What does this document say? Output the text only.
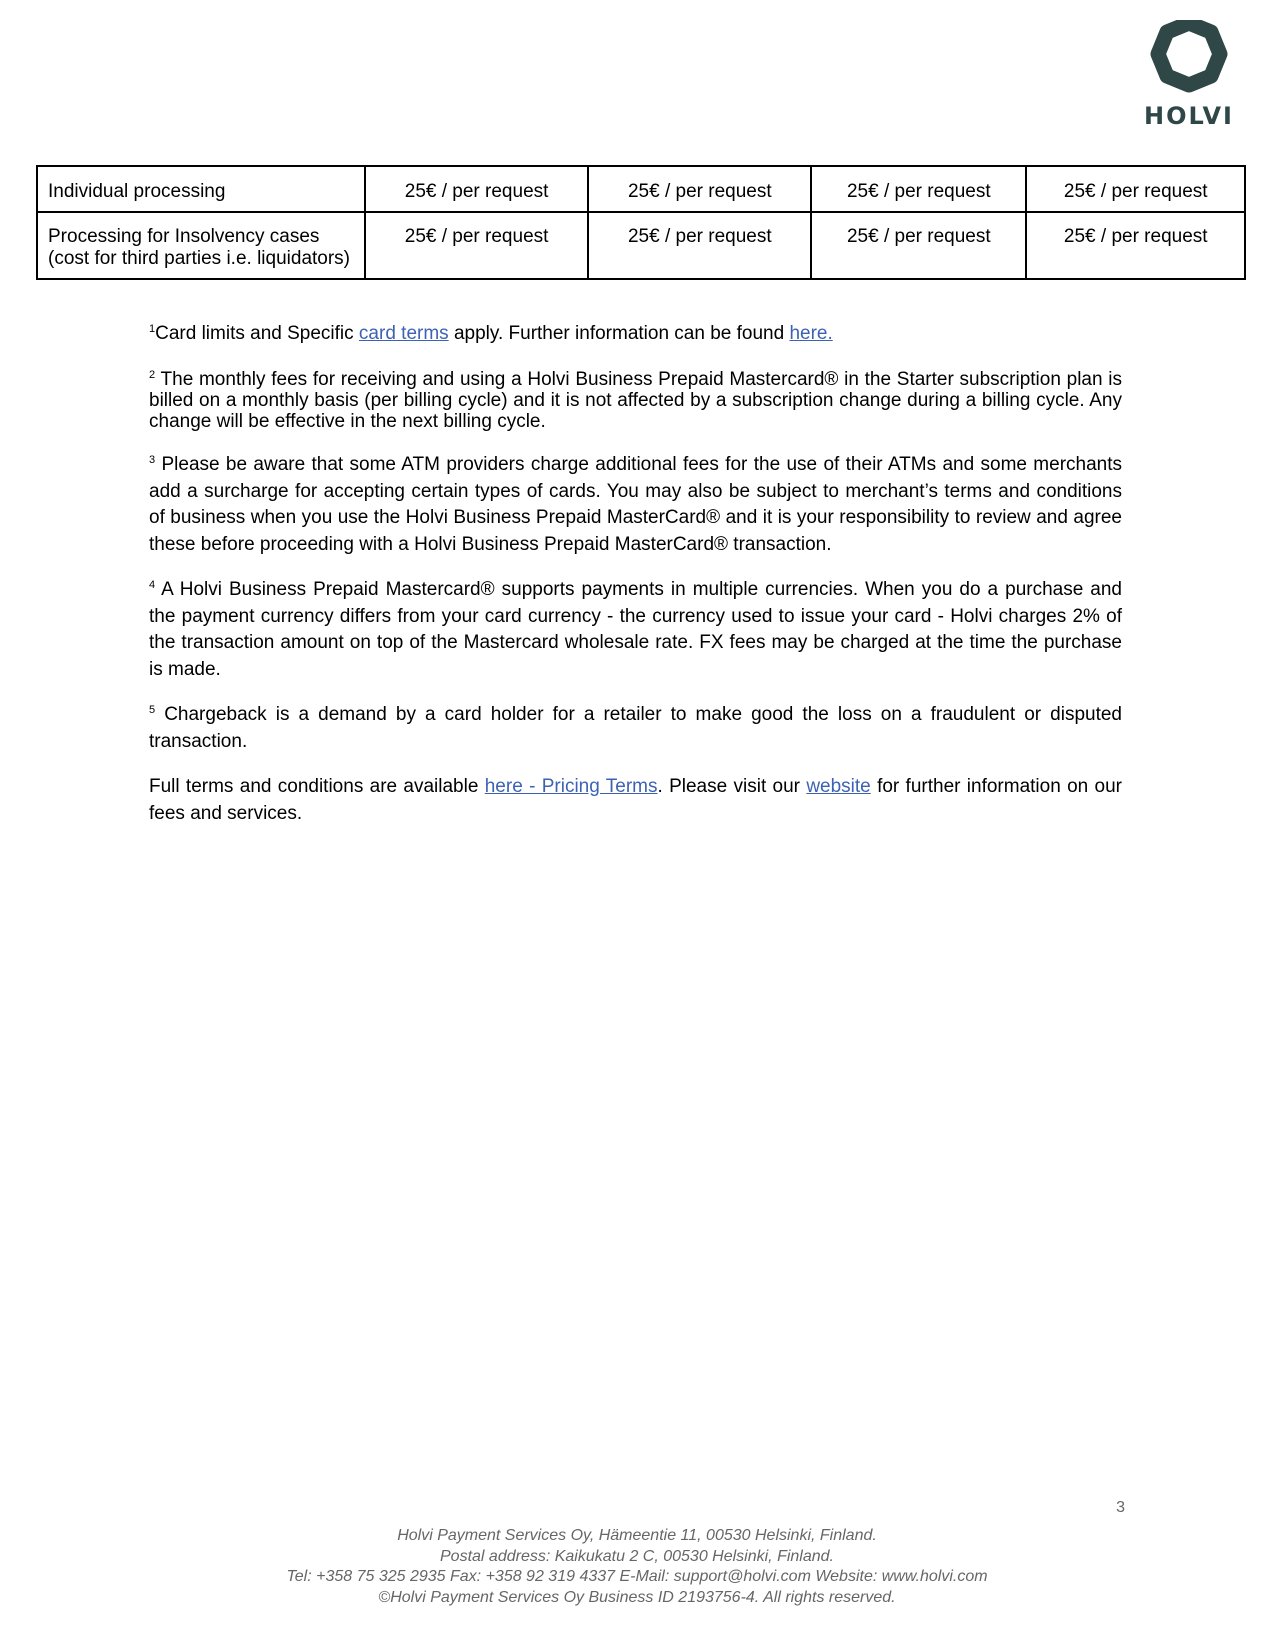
HOLVI
Individual processing	25€ / per request	25€ / per request	25€ / per request	25€ / per request
Processing for Insolvency cases
(cost for third parties i.e. liquidators)	25€ / per request	25€ / per request	25€ / per request	25€ / per request

$^1$Card limits and Specific card terms apply. Further information can be found here.

$^2$ The monthly fees for receiving and using a Holvi Business Prepaid Mastercard® in the Starter subscription plan is billed on a monthly basis (per billing cycle) and it is not affected by a subscription change during a billing cycle. Any change will be effective in the next billing cycle.

$^3$ Please be aware that some ATM providers charge additional fees for the use of their ATMs and some merchants add a surcharge for accepting certain types of cards. You may also be subject to merchant’s terms and conditions of business when you use the Holvi Business Prepaid MasterCard® and it is your responsibility to review and agree these before proceeding with a Holvi Business Prepaid MasterCard® transaction.

$^4$ A Holvi Business Prepaid Mastercard® supports payments in multiple currencies. When you do a purchase and the payment currency differs from your card currency - the currency used to issue your card - Holvi charges 2% of the transaction amount on top of the Mastercard wholesale rate. FX fees may be charged at the time the purchase is made.

$^5$ Chargeback is a demand by a card holder for a retailer to make good the loss on a fraudulent or disputed transaction.

Full terms and conditions are available here - Pricing Terms. Please visit our website for further information on our fees and services.

3
Holvi Payment Services Oy, Hämeentie 11, 00530 Helsinki, Finland.
Postal address: Kaikukatu 2 C, 00530 Helsinki, Finland.
Tel: +358 75 325 2935 Fax: +358 92 319 4337 E-Mail: support@holvi.com Website: www.holvi.com
©Holvi Payment Services Oy Business ID 2193756-4. All rights reserved.
